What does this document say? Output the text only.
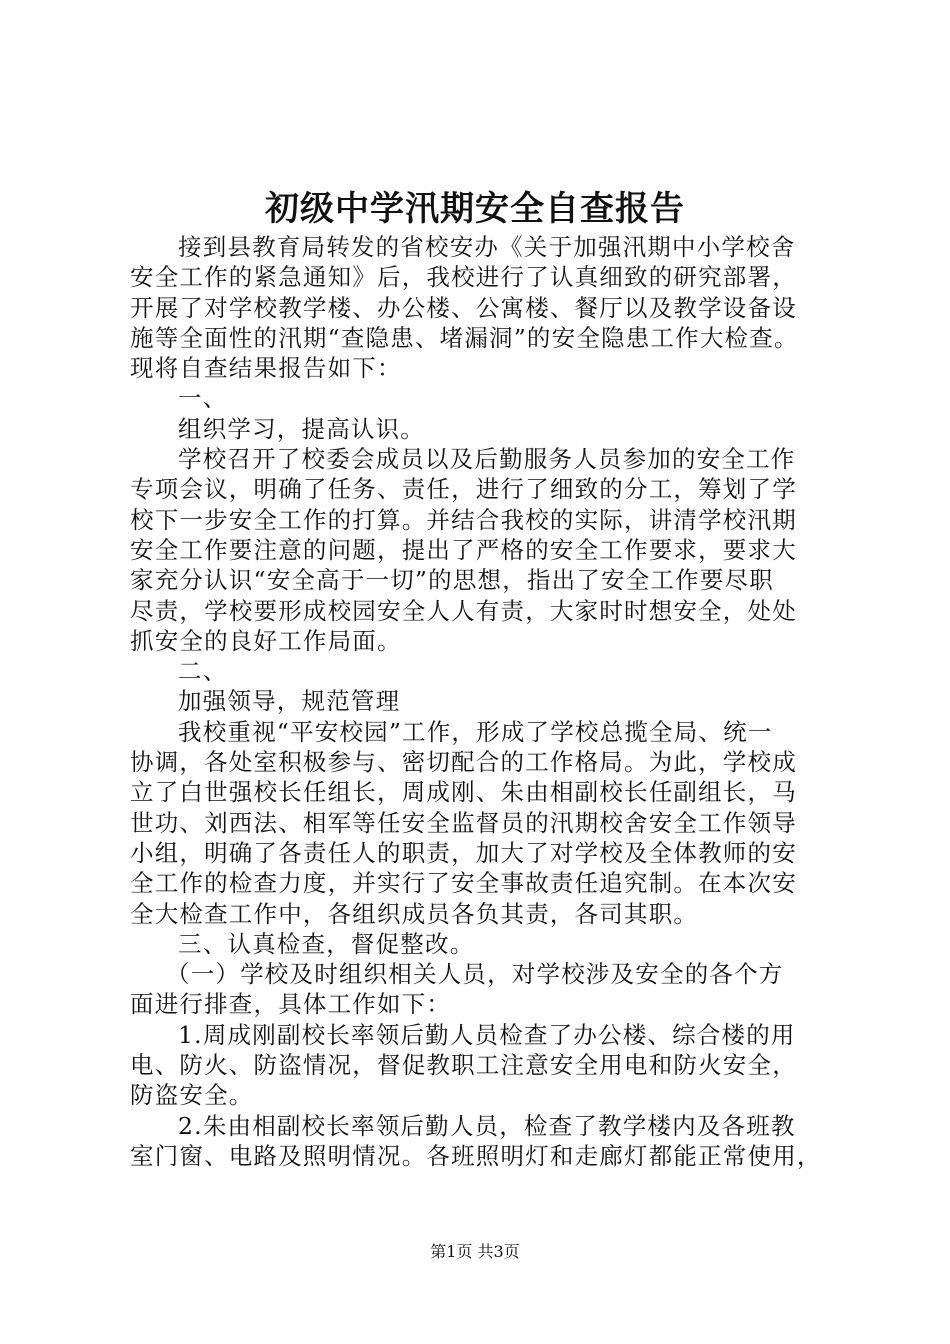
初级中学汛期安全自查报告
接到县教育局转发的省校安办《关于加强汛期中小学校舍
安全工作的紧急通知》后，我校进行了认真细致的研究部署，
开展了对学校教学楼、办公楼、公寓楼、餐厅以及教学设备设
施等全面性的汛期“查隐患、堵漏洞”的安全隐患工作大检查。
现将自查结果报告如下：
一、
组织学习，提高认识。
学校召开了校委会成员以及后勤服务人员参加的安全工作
专项会议，明确了任务、责任，进行了细致的分工，筹划了学
校下一步安全工作的打算。并结合我校的实际，讲清学校汛期
安全工作要注意的问题，提出了严格的安全工作要求，要求大
家充分认识“安全高于一切”的思想，指出了安全工作要尽职
尽责，学校要形成校园安全人人有责，大家时时想安全，处处
抓安全的良好工作局面。
二、
加强领导，规范管理
我校重视“平安校园”工作，形成了学校总揽全局、统一
协调，各处室积极参与、密切配合的工作格局。为此，学校成
立了白世强校长任组长，周成刚、朱由相副校长任副组长，马
世功、刘西法、相军等任安全监督员的汛期校舍安全工作领导
小组，明确了各责任人的职责，加大了对学校及全体教师的安
全工作的检查力度，并实行了安全事故责任追究制。在本次安
全大检查工作中，各组织成员各负其责，各司其职。
三、认真检查，督促整改。
（一）学校及时组织相关人员，对学校涉及安全的各个方
面进行排查，具体工作如下：
1.周成刚副校长率领后勤人员检查了办公楼、综合楼的用
电、防火、防盗情况，督促教职工注意安全用电和防火安全，
防盗安全。
2.朱由相副校长率领后勤人员，检查了教学楼内及各班教
室门窗、电路及照明情况。各班照明灯和走廊灯都能正常使用，
第1页 共3页
